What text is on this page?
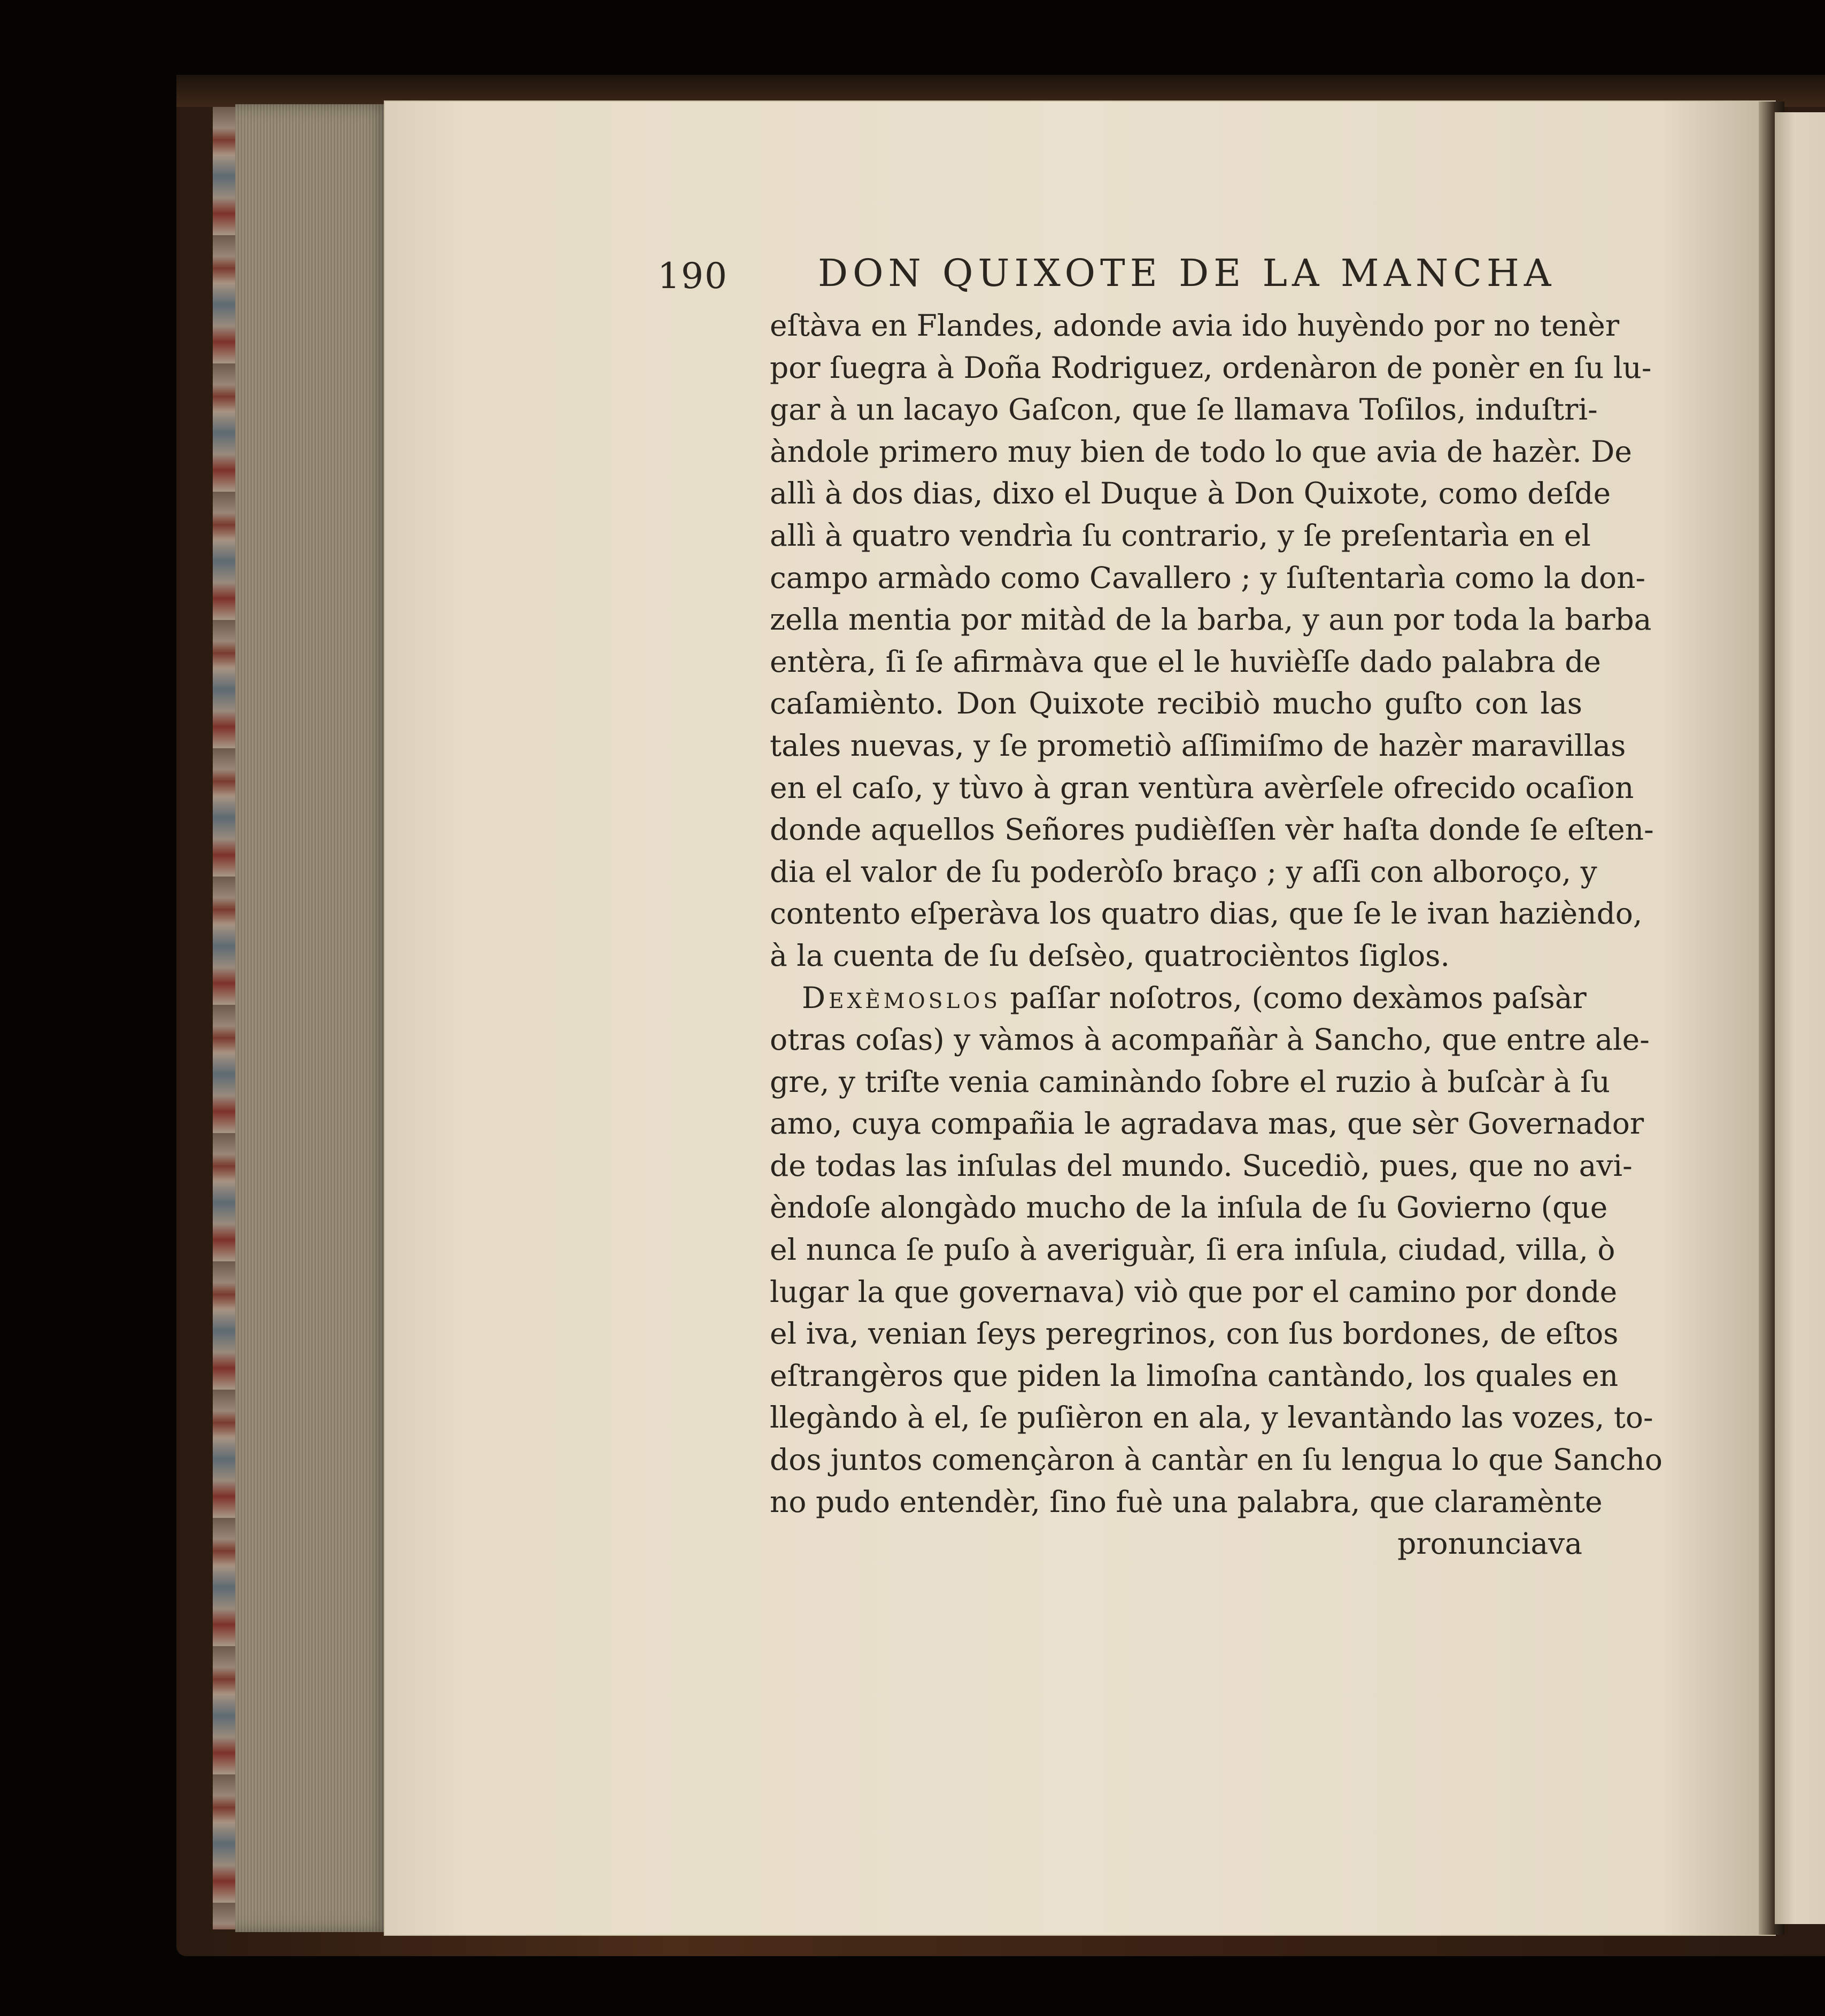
190 DON QUIXOTE DE LA MANCHA
eſtàva en Flandes, adonde avia ido huyèndo por no tenèr
por ſuegra à Doña Rodriguez, ordenàron de ponèr en ſu lu-
gar à un lacayo Gaſcon, que ſe llamava Toſilos, induſtri-
àndole primero muy bien de todo lo que avia de hazèr. De
allì à dos dias, dixo el Duque à Don Quixote, como deſde
allì à quatro vendrìa ſu contrario, y ſe preſentarìa en el
campo armàdo como Cavallero ; y ſuſtentarìa como la don-
zella mentia por mitàd de la barba, y aun por toda la barba
entèra, ſi ſe afirmàva que el le huvièſſe dado palabra de
caſamiènto. Don Quixote recibiò mucho guſto con las
tales nuevas, y ſe prometiò aſſimiſmo de hazèr maravillas
en el caſo, y tùvo à gran ventùra avèrſele ofrecido ocaſion
donde aquellos Señores pudièſſen vèr haſta donde ſe eſten-
dia el valor de ſu poderòſo braço ; y aſſi con alboroço, y
contento eſperàva los quatro dias, que ſe le ivan hazièndo,
à la cuenta de ſu deſsèo, quatrocièntos ſiglos.
Dexèmoslos paſſar noſotros, (como dexàmos paſsàr
otras coſas) y vàmos à acompañàr à Sancho, que entre ale-
gre, y triſte venia caminàndo ſobre el ruzio à buſcàr à ſu
amo, cuya compañia le agradava mas, que sèr Governador
de todas las inſulas del mundo. Sucediò, pues, que no avi-
èndoſe alongàdo mucho de la inſula de ſu Govierno (que
el nunca ſe puſo à averiguàr, ſi era inſula, ciudad, villa, ò
lugar la que governava) viò que por el camino por donde
el iva, venian ſeys peregrinos, con ſus bordones, de eſtos
eſtrangèros que piden la limoſna cantàndo, los quales en
llegàndo à el, ſe puſièron en ala, y levantàndo las vozes, to-
dos juntos començàron à cantàr en ſu lengua lo que Sancho
no pudo entendèr, ſino fuè una palabra, que claramènte
pronunciava
